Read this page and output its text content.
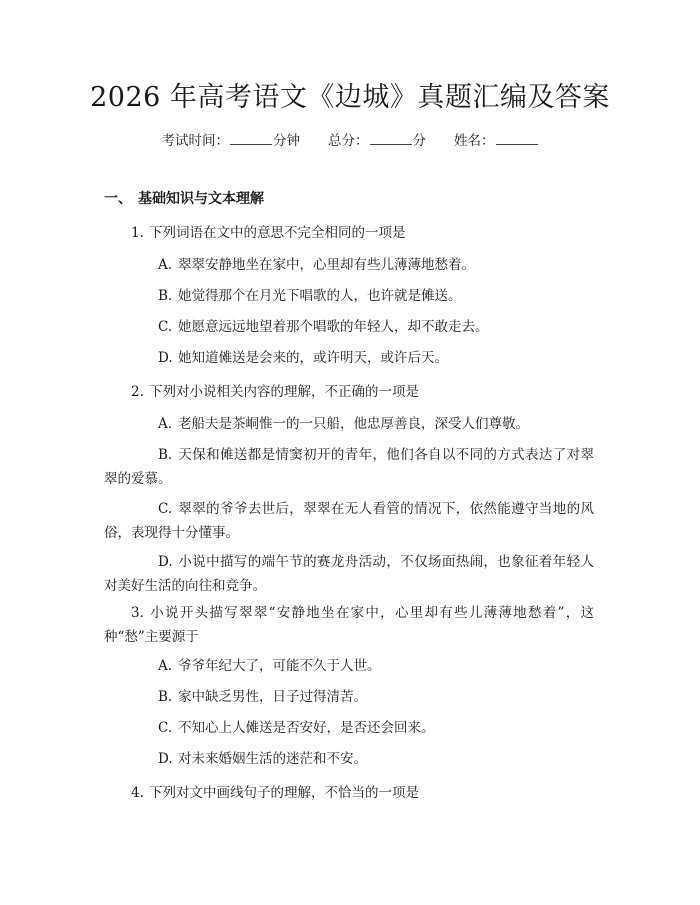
2026 年高考语文《边城》真题汇编及答案
考试时间：	分钟 总分：	分 姓名：
一、 基础知识与文本理解
1. 下列词语在文中的意思不完全相同的一项是
A. 翠翠安静地坐在家中，心里却有些儿薄薄地愁着。
B. 她觉得那个在月光下唱歌的人，也许就是傩送。
C. 她愿意远远地望着那个唱歌的年轻人，却不敢走去。
D. 她知道傩送是会来的，或许明天，或许后天。
2. 下列对小说相关内容的理解，不正确的一项是
A. 老船夫是茶峒惟一的一只船，他忠厚善良，深受人们尊敬。
B. 天保和傩送都是情窦初开的青年，他们各自以不同的方式表达了对翠翠的爱慕。
C. 翠翠的爷爷去世后，翠翠在无人看管的情况下，依然能遵守当地的风俗，表现得十分懂事。
D. 小说中描写的端午节的赛龙舟活动，不仅场面热闹，也象征着年轻人对美好生活的向往和竞争。
3. 小说开头描写翠翠“安静地坐在家中，心里却有些儿薄薄地愁着”，这种“愁”主要源于
A. 爷爷年纪大了，可能不久于人世。
B. 家中缺乏男性，日子过得清苦。
C. 不知心上人傩送是否安好，是否还会回来。
D. 对未来婚姻生活的迷茫和不安。
4. 下列对文中画线句子的理解，不恰当的一项是
